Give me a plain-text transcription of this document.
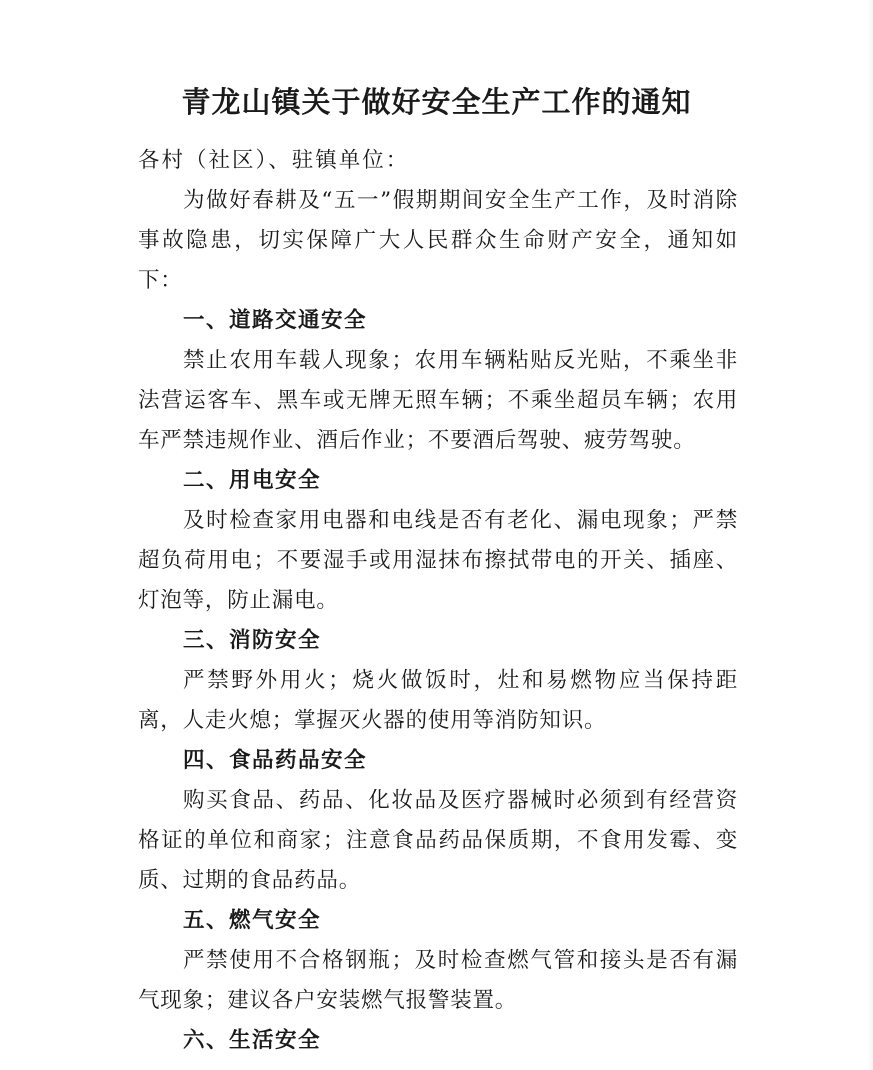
青龙山镇关于做好安全生产工作的通知

各村（社区）、驻镇单位：

为做好春耕及“五一”假期期间安全生产工作，及时消除事故隐患，切实保障广大人民群众生命财产安全，通知如下：

一、道路交通安全

禁止农用车载人现象；农用车辆粘贴反光贴，不乘坐非法营运客车、黑车或无牌无照车辆；不乘坐超员车辆；农用车严禁违规作业、酒后作业；不要酒后驾驶、疲劳驾驶。

二、用电安全

及时检查家用电器和电线是否有老化、漏电现象；严禁超负荷用电；不要湿手或用湿抹布擦拭带电的开关、插座、灯泡等，防止漏电。

三、消防安全

严禁野外用火；烧火做饭时，灶和易燃物应当保持距离，人走火熄；掌握灭火器的使用等消防知识。

四、食品药品安全

购买食品、药品、化妆品及医疗器械时必须到有经营资格证的单位和商家；注意食品药品保质期，不食用发霉、变质、过期的食品药品。

五、燃气安全

严禁使用不合格钢瓶；及时检查燃气管和接头是否有漏气现象；建议各户安装燃气报警装置。

六、生活安全
